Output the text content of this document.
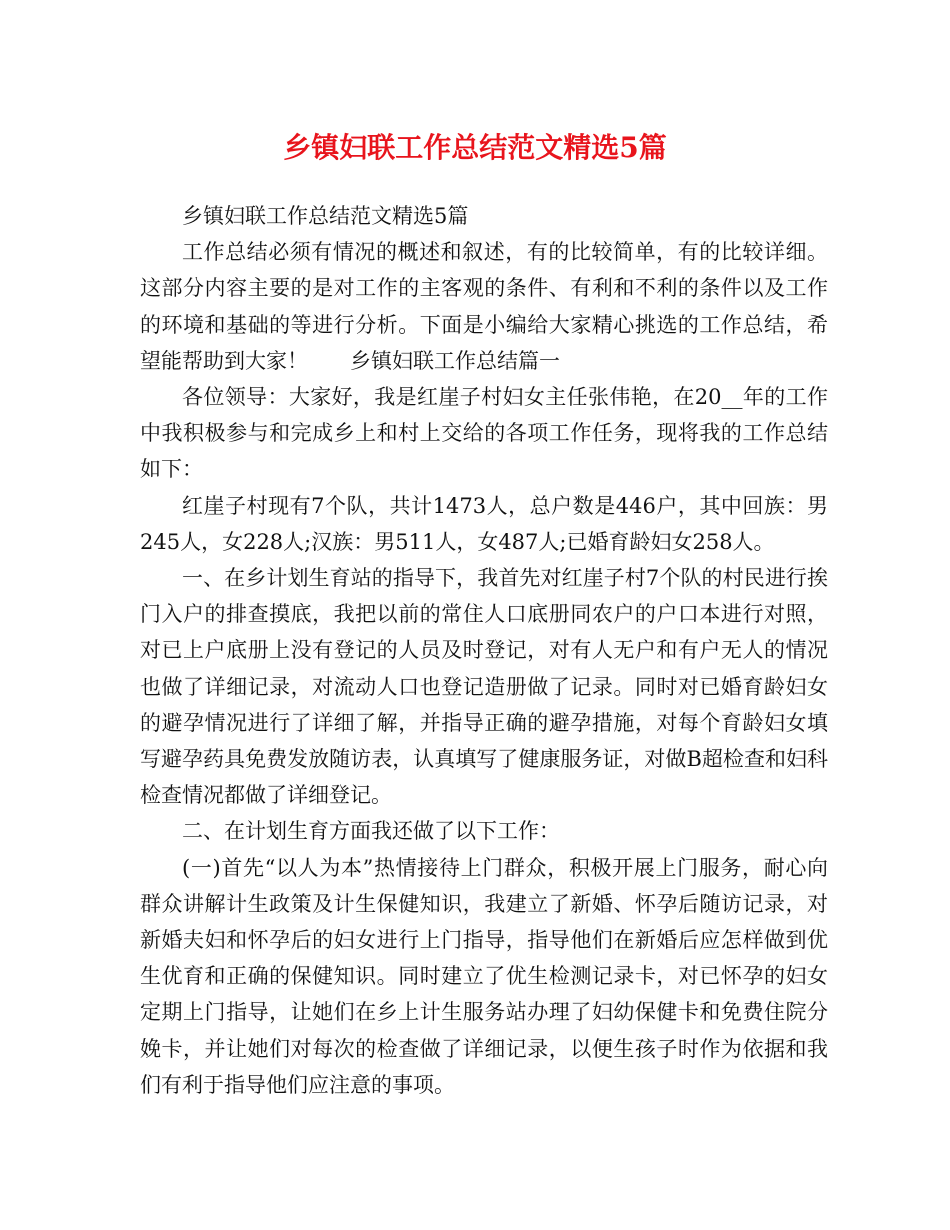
乡镇妇联工作总结范文精选5篇

乡镇妇联工作总结范文精选5篇

工作总结必须有情况的概述和叙述，有的比较简单，有的比较详细。这部分内容主要的是对工作的主客观的条件、有利和不利的条件以及工作的环境和基础的等进行分析。下面是小编给大家精心挑选的工作总结，希望能帮助到大家！　　乡镇妇联工作总结篇一

各位领导：大家好，我是红崖子村妇女主任张伟艳，在20__年的工作中我积极参与和完成乡上和村上交给的各项工作任务，现将我的工作总结如下：

红崖子村现有7个队，共计1473人，总户数是446户，其中回族：男245人，女228人;汉族：男511人，女487人;已婚育龄妇女258人。

一、在乡计划生育站的指导下，我首先对红崖子村7个队的村民进行挨门入户的排查摸底，我把以前的常住人口底册同农户的户口本进行对照，对已上户底册上没有登记的人员及时登记，对有人无户和有户无人的情况也做了详细记录，对流动人口也登记造册做了记录。同时对已婚育龄妇女的避孕情况进行了详细了解，并指导正确的避孕措施，对每个育龄妇女填写避孕药具免费发放随访表，认真填写了健康服务证，对做B超检查和妇科检查情况都做了详细登记。

二、在计划生育方面我还做了以下工作：

(一)首先“以人为本”热情接待上门群众，积极开展上门服务，耐心向群众讲解计生政策及计生保健知识，我建立了新婚、怀孕后随访记录，对新婚夫妇和怀孕后的妇女进行上门指导，指导他们在新婚后应怎样做到优生优育和正确的保健知识。同时建立了优生检测记录卡，对已怀孕的妇女定期上门指导，让她们在乡上计生服务站办理了妇幼保健卡和免费住院分娩卡，并让她们对每次的检查做了详细记录，以便生孩子时作为依据和我们有利于指导他们应注意的事项。
